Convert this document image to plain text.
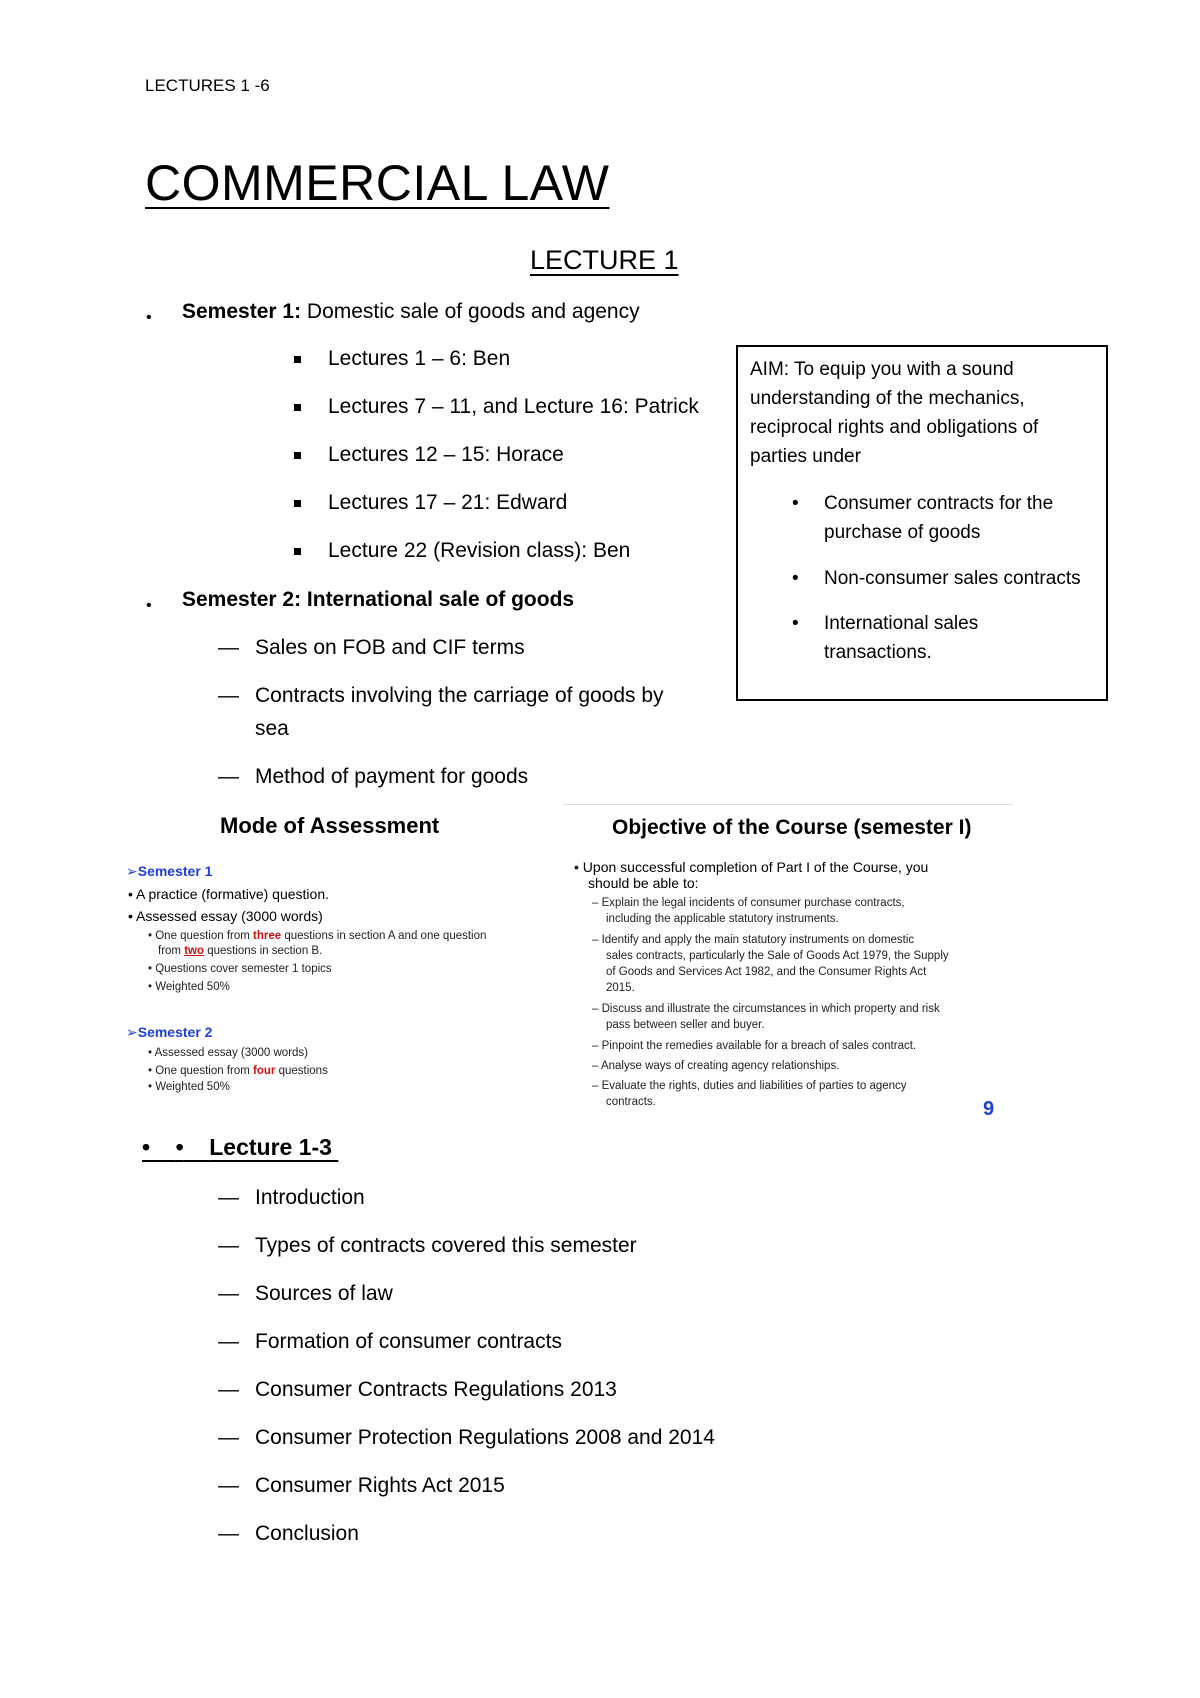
LECTURES 1 -6
COMMERCIAL LAW
LECTURE 1
• Semester 1: Domestic sale of goods and agency
Lectures 1 – 6: Ben
Lectures 7 – 11, and Lecture 16: Patrick
Lectures 12 – 15: Horace
Lectures 17 – 21: Edward
Lecture 22 (Revision class): Ben
• Semester 2: International sale of goods
— Sales on FOB and CIF terms
— Contracts involving the carriage of goods by
sea
— Method of payment for goods
AIM: To equip you with a sound
understanding of the mechanics,
reciprocal rights and obligations of
parties under
• Consumer contracts for the
purchase of goods
• Non-consumer sales contracts
• International sales
transactions.
Mode of Assessment
➢Semester 1
• A practice (formative) question.
• Assessed essay (3000 words)
• One question from three questions in section A and one question
from two questions in section B.
• Questions cover semester 1 topics
• Weighted 50%
➢Semester 2
• Assessed essay (3000 words)
• One question from four questions
• Weighted 50%
Objective of the Course (semester I)
• Upon successful completion of Part I of the Course, you
should be able to:
– Explain the legal incidents of consumer purchase contracts,
including the applicable statutory instruments.
– Identify and apply the main statutory instruments on domestic
sales contracts, particularly the Sale of Goods Act 1979, the Supply
of Goods and Services Act 1982, and the Consumer Rights Act
2015.
– Discuss and illustrate the circumstances in which property and risk
pass between seller and buyer.
– Pinpoint the remedies available for a breach of sales contract.
– Analyse ways of creating agency relationships.
– Evaluate the rights, duties and liabilities of parties to agency
contracts.	9
• • Lecture 1-3
— Introduction
— Types of contracts covered this semester
— Sources of law
— Formation of consumer contracts
— Consumer Contracts Regulations 2013
— Consumer Protection Regulations 2008 and 2014
— Consumer Rights Act 2015
— Conclusion
